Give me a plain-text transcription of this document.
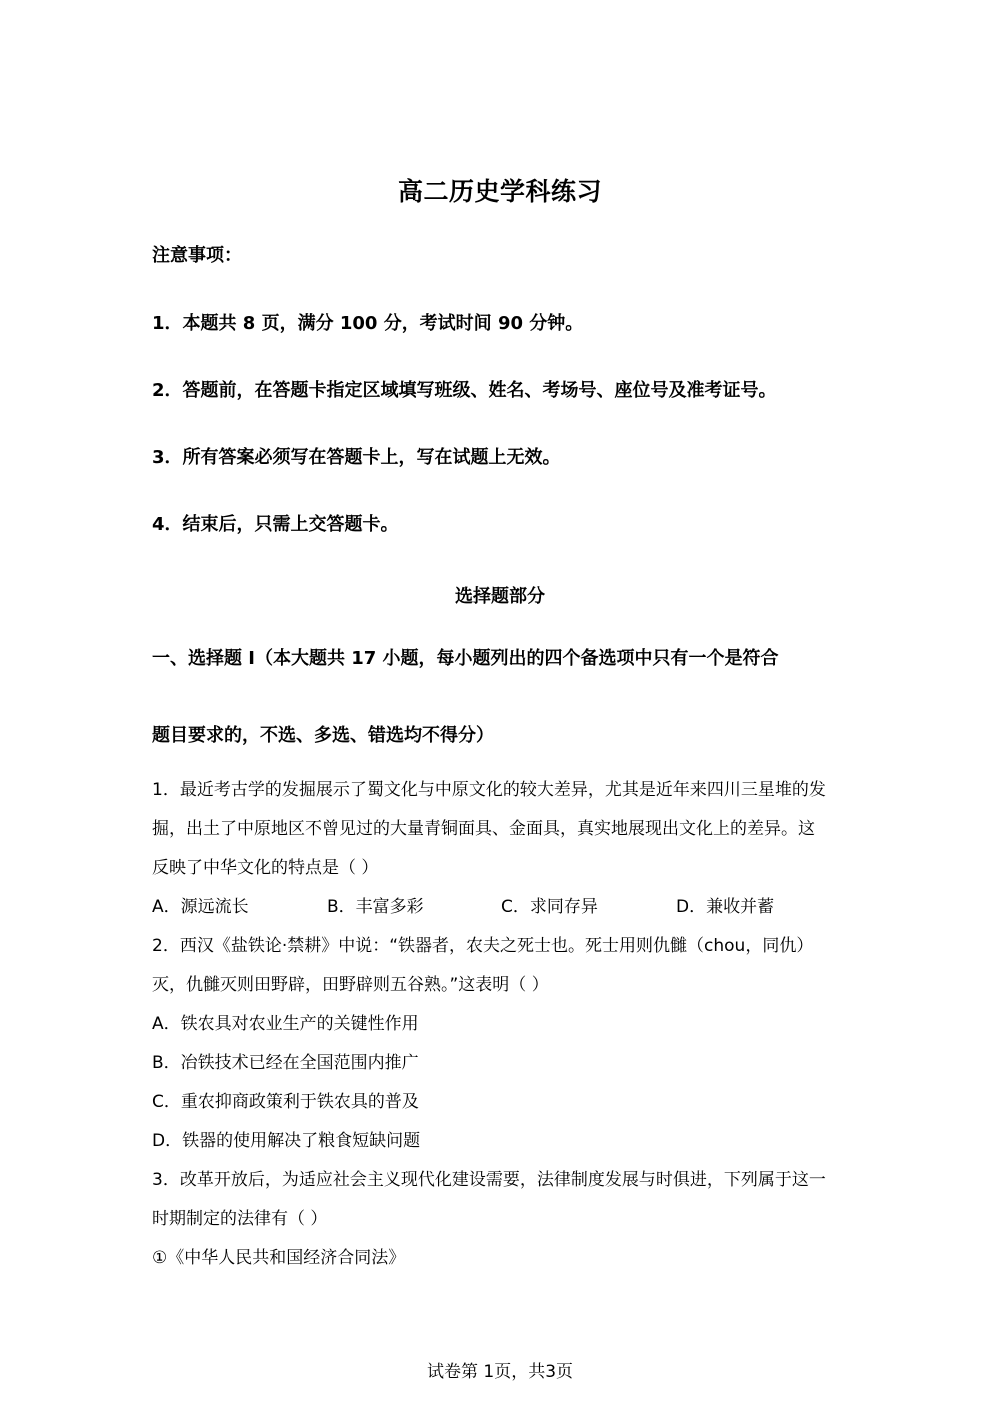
高二历史学科练习
注意事项：
1．本题共 8 页，满分 100 分，考试时间 90 分钟。
2．答题前，在答题卡指定区域填写班级、姓名、考场号、座位号及准考证号。
3．所有答案必须写在答题卡上，写在试题上无效。
4．结束后，只需上交答题卡。
选择题部分
一、选择题 I（本大题共 17 小题，每小题列出的四个备选项中只有一个是符合
题目要求的，不选、多选、错选均不得分）
1．最近考古学的发掘展示了蜀文化与中原文化的较大差异，尤其是近年来四川三星堆的发
掘，出土了中原地区不曾见过的大量青铜面具、金面具，真实地展现出文化上的差异。这
反映了中华文化的特点是（ ）
A．源远流长	B．丰富多彩	C．求同存异	D．兼收并蓄
2．西汉《盐铁论·禁耕》中说：“铁器者，农夫之死士也。死士用则仇雠（chou，同仇）
灭，仇雠灭则田野辟，田野辟则五谷熟。”这表明（ ）
A．铁农具对农业生产的关键性作用
B．冶铁技术已经在全国范围内推广
C．重农抑商政策利于铁农具的普及
D．铁器的使用解决了粮食短缺问题
3．改革开放后，为适应社会主义现代化建设需要，法律制度发展与时俱进，下列属于这一
时期制定的法律有（ ）
①《中华人民共和国经济合同法》
试卷第 1页，共3页
